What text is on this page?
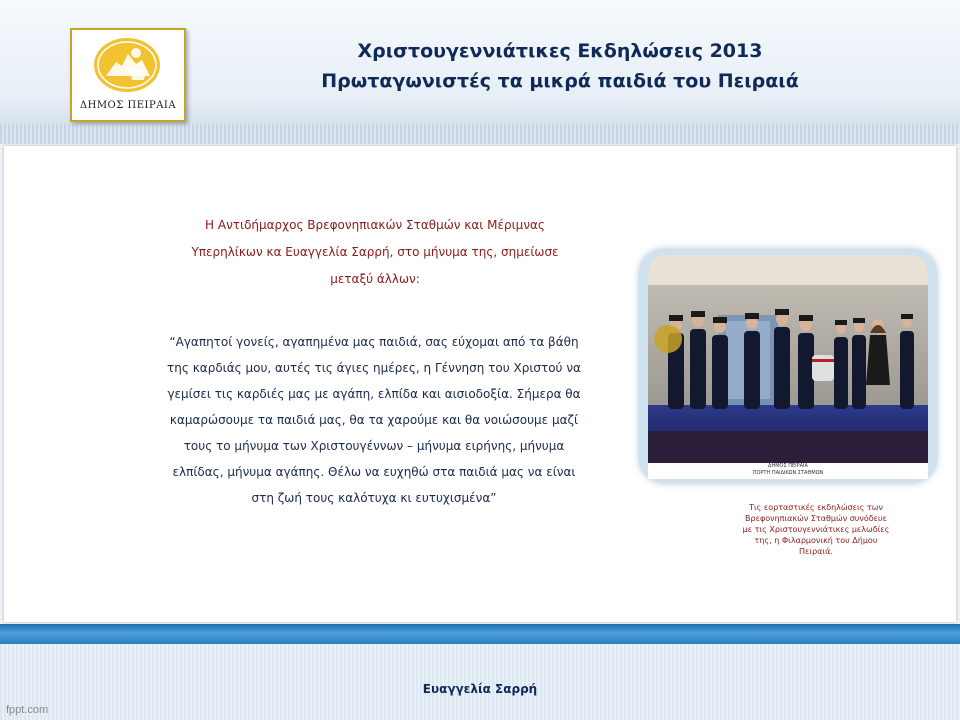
ΔΗΜΟΣ ΠΕΙΡΑΙΑ
Χριστουγεννιάτικες Εκδηλώσεις 2013
Πρωταγωνιστές τα μικρά παιδιά του Πειραιά
Η Αντιδήμαρχος Βρεφονηπιακών Σταθμών και Μέριμνας
Υπερηλίκων κα Ευαγγελία Σαρρή, στο μήνυμα της, σημείωσε
μεταξύ άλλων:
“Αγαπητοί γονείς, αγαπημένα μας παιδιά, σας εύχομαι από τα βάθη
της καρδιάς μου, αυτές τις άγιες ημέρες, η Γέννηση του Χριστού να
γεμίσει τις καρδιές μας με αγάπη, ελπίδα και αισιοδοξία. Σήμερα θα
καμαρώσουμε τα παιδιά μας, θα τα χαρούμε και θα νοιώσουμε μαζί
τους το μήνυμα των Χριστουγέννων – μήνυμα ειρήνης, μήνυμα
ελπίδας, μήνυμα αγάπης. Θέλω να ευχηθώ στα παιδιά μας να είναι
στη ζωή τους καλότυχα κι ευτυχισμένα”
ΔΗΜΟΣ ΠΕΙΡΑΙΑ
ΠΟΡΤΗ ΠΑΙΔΙΚΩΝ ΣΤΑΘΜΩΝ
Τις εορταστικές εκδηλώσεις των
Βρεφονηπιακών Σταθμών συνόδευε
με τις Χριστουγεννιάτικες μελωδίες
της, η Φιλαρμονική του Δήμου
Πειραιά.
Ευαγγελία Σαρρή
fppt.com
